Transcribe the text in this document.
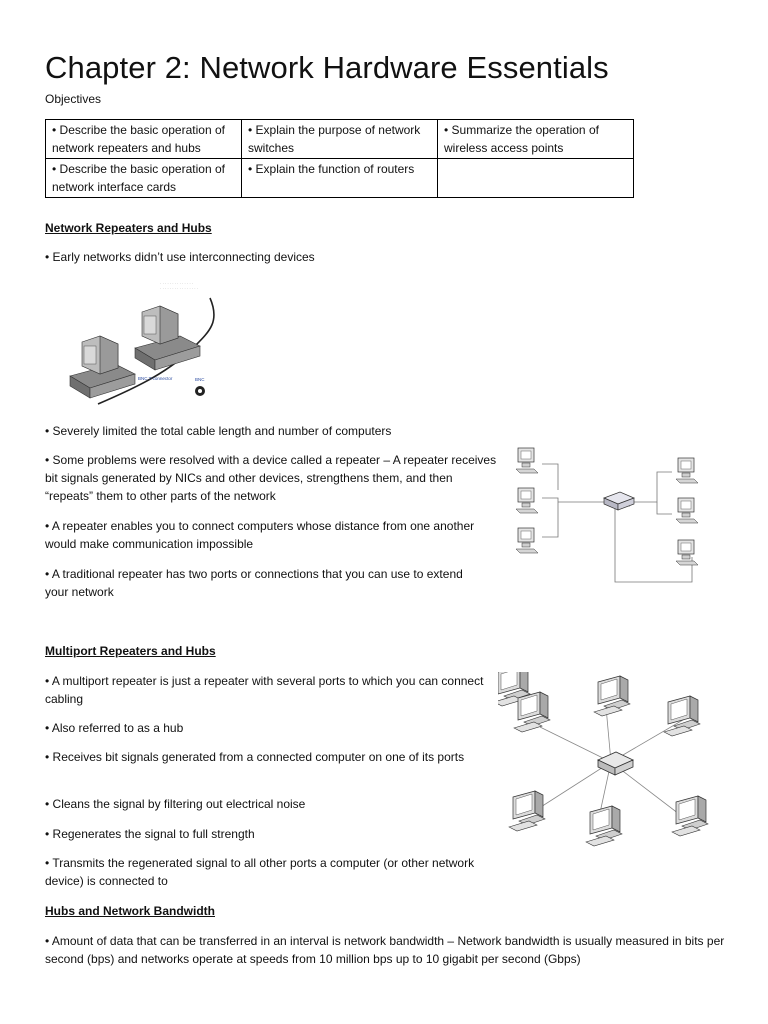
Chapter 2: Network Hardware Essentials
Objectives
• Describe the basic operation of network repeaters and hubs	• Explain the purpose of network switches	• Summarize the operation of wireless access points
• Describe the basic operation of network interface cards	• Explain the function of routers	
Network Repeaters and Hubs
• Early networks didn’t use interconnecting devices
· · · · · · · · · · · · · ·
· · · · · · · · · · · · · · · ·
BNC T-connector	BNC
• Severely limited the total cable length and number of computers
• Some problems were resolved with a device called a repeater – A repeater receives bit signals generated by NICs and other devices, strengthens them, and then “repeats” them to other parts of the network
• A repeater enables you to connect computers whose distance from one another would make communication impossible
• A traditional repeater has two ports or connections that you can use to extend your network
Multiport Repeaters and Hubs
• A multiport repeater is just a repeater with several ports to which you can connect cabling
• Also referred to as a hub
• Receives bit signals generated from a connected computer on one of its ports
• Cleans the signal by filtering out electrical noise
• Regenerates the signal to full strength
• Transmits the regenerated signal to all other ports a computer (or other network device) is connected to
Hubs and Network Bandwidth
• Amount of data that can be transferred in an interval is network bandwidth – Network bandwidth is usually measured in bits per second (bps) and networks operate at speeds from 10 million bps up to 10 gigabit per second (Gbps)
